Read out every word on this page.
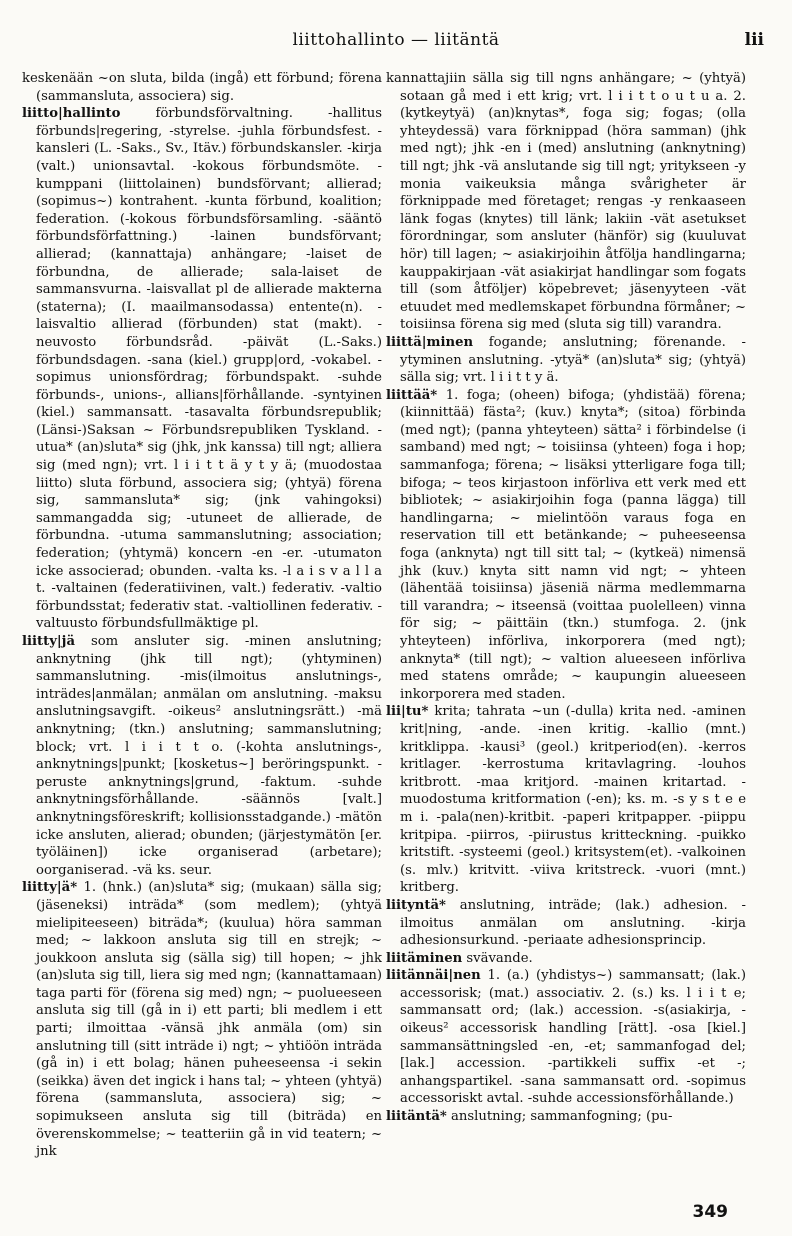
liittohallinto — liitäntä	lii

keskenään ~on sluta, bilda (ingå) ett förbund; förena (sammansluta, associera) sig.

liitto|hallinto	förbundsförvaltning. -hallitus förbunds|regering, -styrelse. -juhla förbundsfest. -kansleri (L. -Saks., Sv., Itäv.) förbundskansler. -kirja (valt.) unionsavtal. -kokous förbundsmöte. -kumppani (liittolainen) bundsförvant; allierad; (sopimus~) kontrahent. -kunta förbund, koalition; federation. (-kokous förbundsförsamling. -sääntö förbundsförfattning.) -lainen bundsförvant; allierad; (kannattaja) anhängare; -laiset de förbundna, de allierade; sala-laiset de sammansvurna. -laisvallat pl de allierade makterna (staterna); (I. maailmansodassa) entente(n). -laisvaltio allierad (förbunden) stat (makt). -neuvosto förbundsråd. -päivät (L.-Saks.) förbundsdagen. -sana (kiel.) grupp|ord, -vokabel. -sopimus unionsfördrag; förbundspakt. -suhde förbunds-, unions-, allians|förhållande. -syntyinen (kiel.) sammansatt. -tasavalta förbundsrepublik; (Länsi-)Saksan ~ Förbundsrepubliken Tyskland. -utua* (an)sluta* sig (jhk, jnk kanssa) till ngt; alliera sig (med ngn); vrt. l i i t t ä y t y ä; (muodostaa liitto) sluta förbund, associera sig; (yhtyä) förena sig, sammansluta* sig; (jnk vahingoksi) sammangadda sig; -utuneet de allierade, de förbundna. -utuma sammanslutning; association; federation; (yhtymä) koncern -en -er. -utumaton icke associerad; obunden. -valta ks. -l a i s v a l l a t. -valtainen (federatiivinen, valt.) federativ. -valtio förbundsstat; federativ stat. -valtiollinen federativ. -valtuusto förbundsfullmäktige pl.

liitty|jä som ansluter sig. -minen anslutning; anknytning (jhk till ngt); (yhtyminen) sammanslutning. -mis(ilmoitus anslutnings-, inträdes|anmälan; anmälan om anslutning. -maksu anslutningsavgift. -oikeus² anslutningsrätt.) -mä anknytning; (tkn.) anslutning; sammanslutning; block; vrt. l i i t t o. (-kohta anslutnings-, anknytnings|punkt; [kosketus~] beröringspunkt. -peruste anknytnings|grund, -faktum. -suhde anknytningsförhållande. -säännös [valt.] anknytningsföreskrift; kollisionsstadgande.) -mätön icke ansluten, alierad; obunden; (järjestymätön [er. työläinen]) icke organiserad (arbetare); oorganiserad. -vä ks. seur.

liitty|ä* 1. (hnk.) (an)sluta* sig; (mukaan) sälla sig; (jäseneksi) inträda* (som medlem); (yhtyä mielipiteeseen) biträda*; (kuulua) höra samman med; ~ lakkoon ansluta sig till en strejk; ~ joukkoon ansluta sig (sälla sig) till hopen; ~ jhk (an)sluta sig till, liera sig med ngn; (kannattamaan) taga parti för (förena sig med) ngn; ~ puolueeseen ansluta sig till (gå in i) ett parti; bli medlem i ett parti; ilmoittaa -vänsä jhk anmäla (om) sin anslutning till (sitt inträde i) ngt; ~ yhtiöön inträda (gå in) i ett bolag; hänen puheeseensa -i sekin (seikka) även det ingick i hans tal; ~ yhteen (yhtyä) förena (sammansluta, associera) sig; ~ sopimukseen ansluta sig till (biträda) en överenskommelse; ~ teatteriin gå in vid teatern; ~ jnk

kannattajiin sälla sig till ngns anhängare; ~ (yhtyä) sotaan gå med i ett krig; vrt. l i i t t o u t u a. 2. (kytkeytyä) (an)knytas*, foga sig; fogas; (olla yhteydessä) vara förknippad (höra samman) (jhk med ngt); jhk -en i (med) anslutning (anknytning) till ngt; jhk -vä anslutande sig till ngt; yritykseen -y monia vaikeuksia många svårigheter är förknippade med företaget; rengas -y renkaaseen länk fogas (knytes) till länk; lakiin -vät asetukset förordningar, som ansluter (hänför) sig (kuuluvat hör) till lagen; ~ asiakirjoihin åtfölja handlingarna; kauppakirjaan -vät asiakirjat handlingar som fogats till (som åtföljer) köpebrevet; jäsenyyteen -vät etuudet med medlemskapet förbundna förmåner; ~ toisiinsa förena sig med (sluta sig till) varandra.

liittä|minen fogande; anslutning; förenande. -ytyminen anslutning. -ytyä* (an)sluta* sig; (yhtyä) sälla sig; vrt. l i i t t y ä.

liittää* 1. foga; (oheen) bifoga; (yhdistää) förena; (kiinnittää) fästa²; (kuv.) knyta*; (sitoa) förbinda (med ngt); (panna yhteyteen) sätta² i förbindelse (i samband) med ngt; ~ toisiinsa (yhteen) foga i hop; sammanfoga; förena; ~ lisäksi ytterligare foga till; bifoga; ~ teos kirjastoon införliva ett verk med ett bibliotek; ~ asiakirjoihin foga (panna lägga) till handlingarna; ~ mielintöön varaus foga en reservation till ett betänkande; ~ puheeseensa foga (anknyta) ngt till sitt tal; ~ (kytkeä) nimensä jhk (kuv.) knyta sitt namn vid ngt; ~ yhteen (lähentää toisiinsa) jäseniä närma medlemmarna till varandra; ~ itseensä (voittaa puolelleen) vinna för sig; ~ päittäin (tkn.) stumfoga. 2. (jnk yhteyteen) införliva, inkorporera (med ngt); anknyta* (till ngt); ~ valtion alueeseen införliva med statens område; ~ kaupungin alueeseen inkorporera med staden.

lii|tu* krita; tahrata ~un (-dulla) krita ned. -aminen krit|ning, -ande. -inen kritig. -kallio (mnt.) kritklippa. -kausi³ (geol.) kritperiod(en). -kerros kritlager. -kerrostuma kritavlagring. -louhos kritbrott. -maa kritjord. -mainen kritartad. -muodostuma kritformation (-en); ks. m. -s y s t e e m i. -pala(nen)-kritbit. -paperi kritpapper. -piippu kritpipa. -piirros, -piirustus kritteckning. -puikko kritstift. -systeemi (geol.) kritsystem(et). -valkoinen (s. mlv.) kritvitt. -viiva kritstreck. -vuori (mnt.) kritberg.

liityntä* anslutning, inträde; (lak.) adhesion. -ilmoitus anmälan om anslutning. -kirja adhesionsurkund. -periaate adhesionsprincip.

liitäminen svävande.

liitännäi|nen 1. (a.) (yhdistys~) sammansatt; (lak.) accessorisk; (mat.) associativ. 2. (s.) ks. l i i t e; sammansatt ord; (lak.) accession. -s(asiakirja, -oikeus² accessorisk handling [rätt]. -osa [kiel.] sammansättningsled -en, -et; sammanfogad del; [lak.] accession. -partikkeli suffix -et -; anhangspartikel. -sana sammansatt ord. -sopimus accessoriskt avtal. -suhde accessionsförhållande.)

liitäntä* anslutning; sammanfogning; (pu-

349
